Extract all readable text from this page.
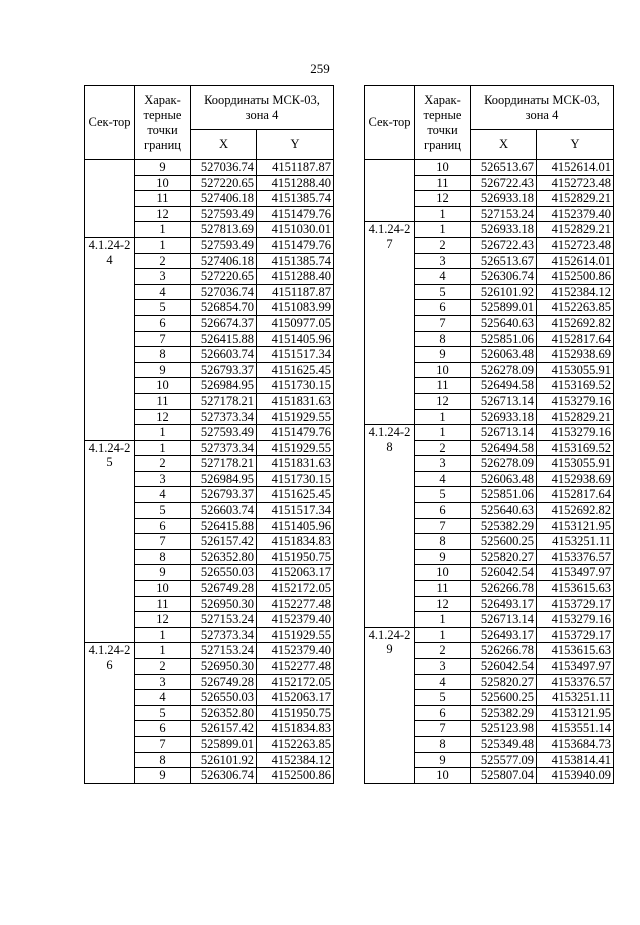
259
Сек-тор	Харак-терные точки границ	Координаты МСК-03, зона 4	
		X	Y
	9	527036.74	4151187.87
	10	527220.65	4151288.40
	11	527406.18	4151385.74
	12	527593.49	4151479.76
	1	527813.69	4151030.01
4.1.24-24	1	527593.49	4151479.76
	2	527406.18	4151385.74
	3	527220.65	4151288.40
	4	527036.74	4151187.87
	5	526854.70	4151083.99
	6	526674.37	4150977.05
	7	526415.88	4151405.96
	8	526603.74	4151517.34
	9	526793.37	4151625.45
	10	526984.95	4151730.15
	11	527178.21	4151831.63
	12	527373.34	4151929.55
	1	527593.49	4151479.76
4.1.24-25	1	527373.34	4151929.55
	2	527178.21	4151831.63
	3	526984.95	4151730.15
	4	526793.37	4151625.45
	5	526603.74	4151517.34
	6	526415.88	4151405.96
	7	526157.42	4151834.83
	8	526352.80	4151950.75
	9	526550.03	4152063.17
	10	526749.28	4152172.05
	11	526950.30	4152277.48
	12	527153.24	4152379.40
	1	527373.34	4151929.55
4.1.24-26	1	527153.24	4152379.40
	2	526950.30	4152277.48
	3	526749.28	4152172.05
	4	526550.03	4152063.17
	5	526352.80	4151950.75
	6	526157.42	4151834.83
	7	525899.01	4152263.85
	8	526101.92	4152384.12
	9	526306.74	4152500.86
Сек-тор	Харак-терные точки границ	Координаты МСК-03, зона 4	
		X	Y
	10	526513.67	4152614.01
	11	526722.43	4152723.48
	12	526933.18	4152829.21
	1	527153.24	4152379.40
4.1.24-27	1	526933.18	4152829.21
	2	526722.43	4152723.48
	3	526513.67	4152614.01
	4	526306.74	4152500.86
	5	526101.92	4152384.12
	6	525899.01	4152263.85
	7	525640.63	4152692.82
	8	525851.06	4152817.64
	9	526063.48	4152938.69
	10	526278.09	4153055.91
	11	526494.58	4153169.52
	12	526713.14	4153279.16
	1	526933.18	4152829.21
4.1.24-28	1	526713.14	4153279.16
	2	526494.58	4153169.52
	3	526278.09	4153055.91
	4	526063.48	4152938.69
	5	525851.06	4152817.64
	6	525640.63	4152692.82
	7	525382.29	4153121.95
	8	525600.25	4153251.11
	9	525820.27	4153376.57
	10	526042.54	4153497.97
	11	526266.78	4153615.63
	12	526493.17	4153729.17
	1	526713.14	4153279.16
4.1.24-29	1	526493.17	4153729.17
	2	526266.78	4153615.63
	3	526042.54	4153497.97
	4	525820.27	4153376.57
	5	525600.25	4153251.11
	6	525382.29	4153121.95
	7	525123.98	4153551.14
	8	525349.48	4153684.73
	9	525577.09	4153814.41
	10	525807.04	4153940.09
